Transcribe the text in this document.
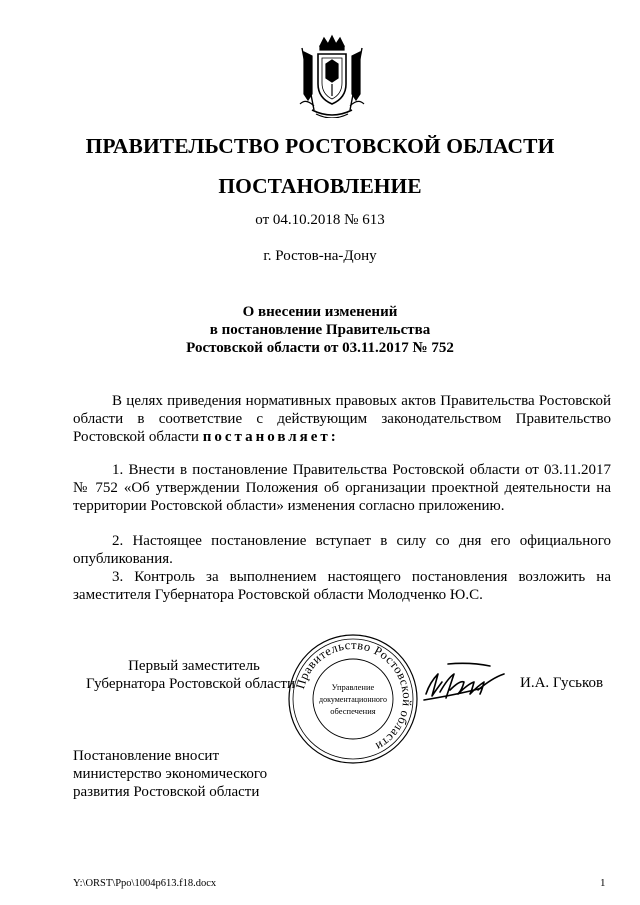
ПРАВИТЕЛЬСТВО РОСТОВСКОЙ ОБЛАСТИ
ПОСТАНОВЛЕНИЕ
от 04.10.2018 № 613
г. Ростов-на-Дону
О внесении изменений
в постановление Правительства
Ростовской области от 03.11.2017 № 752
В целях приведения нормативных правовых актов Правительства Ростовской области в соответствие с действующим законодательством Правительство Ростовской области постановляет:
1. Внести в постановление Правительства Ростовской области от 03.11.2017 № 752 «Об утверждении Положения об организации проектной деятельности на территории Ростовской области» изменения согласно приложению.
2. Настоящее постановление вступает в силу со дня его официального опубликования.
3. Контроль за выполнением настоящего постановления возложить на заместителя Губернатора Ростовской области Молодченко Ю.С.
Правительство Ростовской области
Управление
документационного
обеспечения
Первый заместитель
Губернатора Ростовской области	И.А. Гуськов
Постановление вносит
министерство экономического
развития Ростовской области
Y:\ORST\Ppo\1004p613.f18.docx	1
